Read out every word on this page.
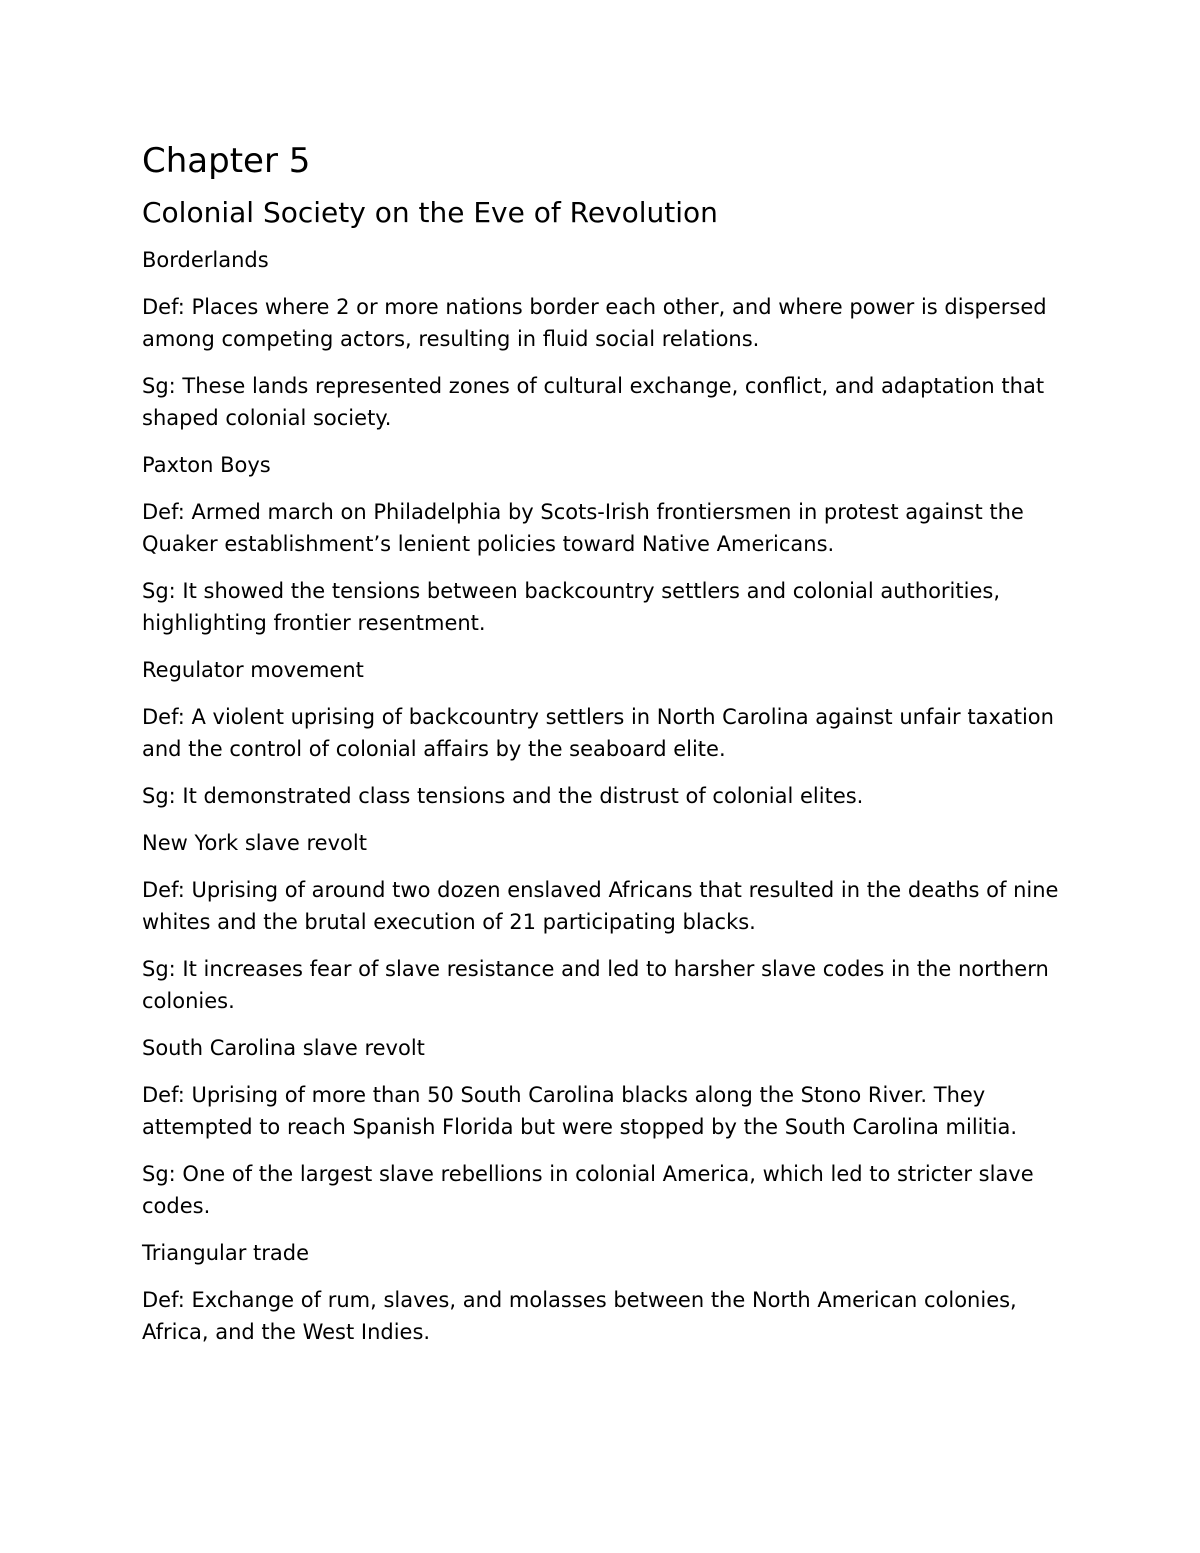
Chapter 5
Colonial Society on the Eve of Revolution

Borderlands

Def: Places where 2 or more nations border each other, and where power is dispersed among competing actors, resulting in fluid social relations.

Sg: These lands represented zones of cultural exchange, conflict, and adaptation that shaped colonial society.

Paxton Boys

Def: Armed march on Philadelphia by Scots-Irish frontiersmen in protest against the Quaker establishment’s lenient policies toward Native Americans.

Sg: It showed the tensions between backcountry settlers and colonial authorities, highlighting frontier resentment.

Regulator movement

Def: A violent uprising of backcountry settlers in North Carolina against unfair taxation and the control of colonial affairs by the seaboard elite.

Sg: It demonstrated class tensions and the distrust of colonial elites.

New York slave revolt

Def: Uprising of around two dozen enslaved Africans that resulted in the deaths of nine whites and the brutal execution of 21 participating blacks.

Sg: It increases fear of slave resistance and led to harsher slave codes in the northern colonies.

South Carolina slave revolt

Def: Uprising of more than 50 South Carolina blacks along the Stono River. They attempted to reach Spanish Florida but were stopped by the South Carolina militia.

Sg: One of the largest slave rebellions in colonial America, which led to stricter slave codes.

Triangular trade

Def: Exchange of rum, slaves, and molasses between the North American colonies, Africa, and the West Indies.
